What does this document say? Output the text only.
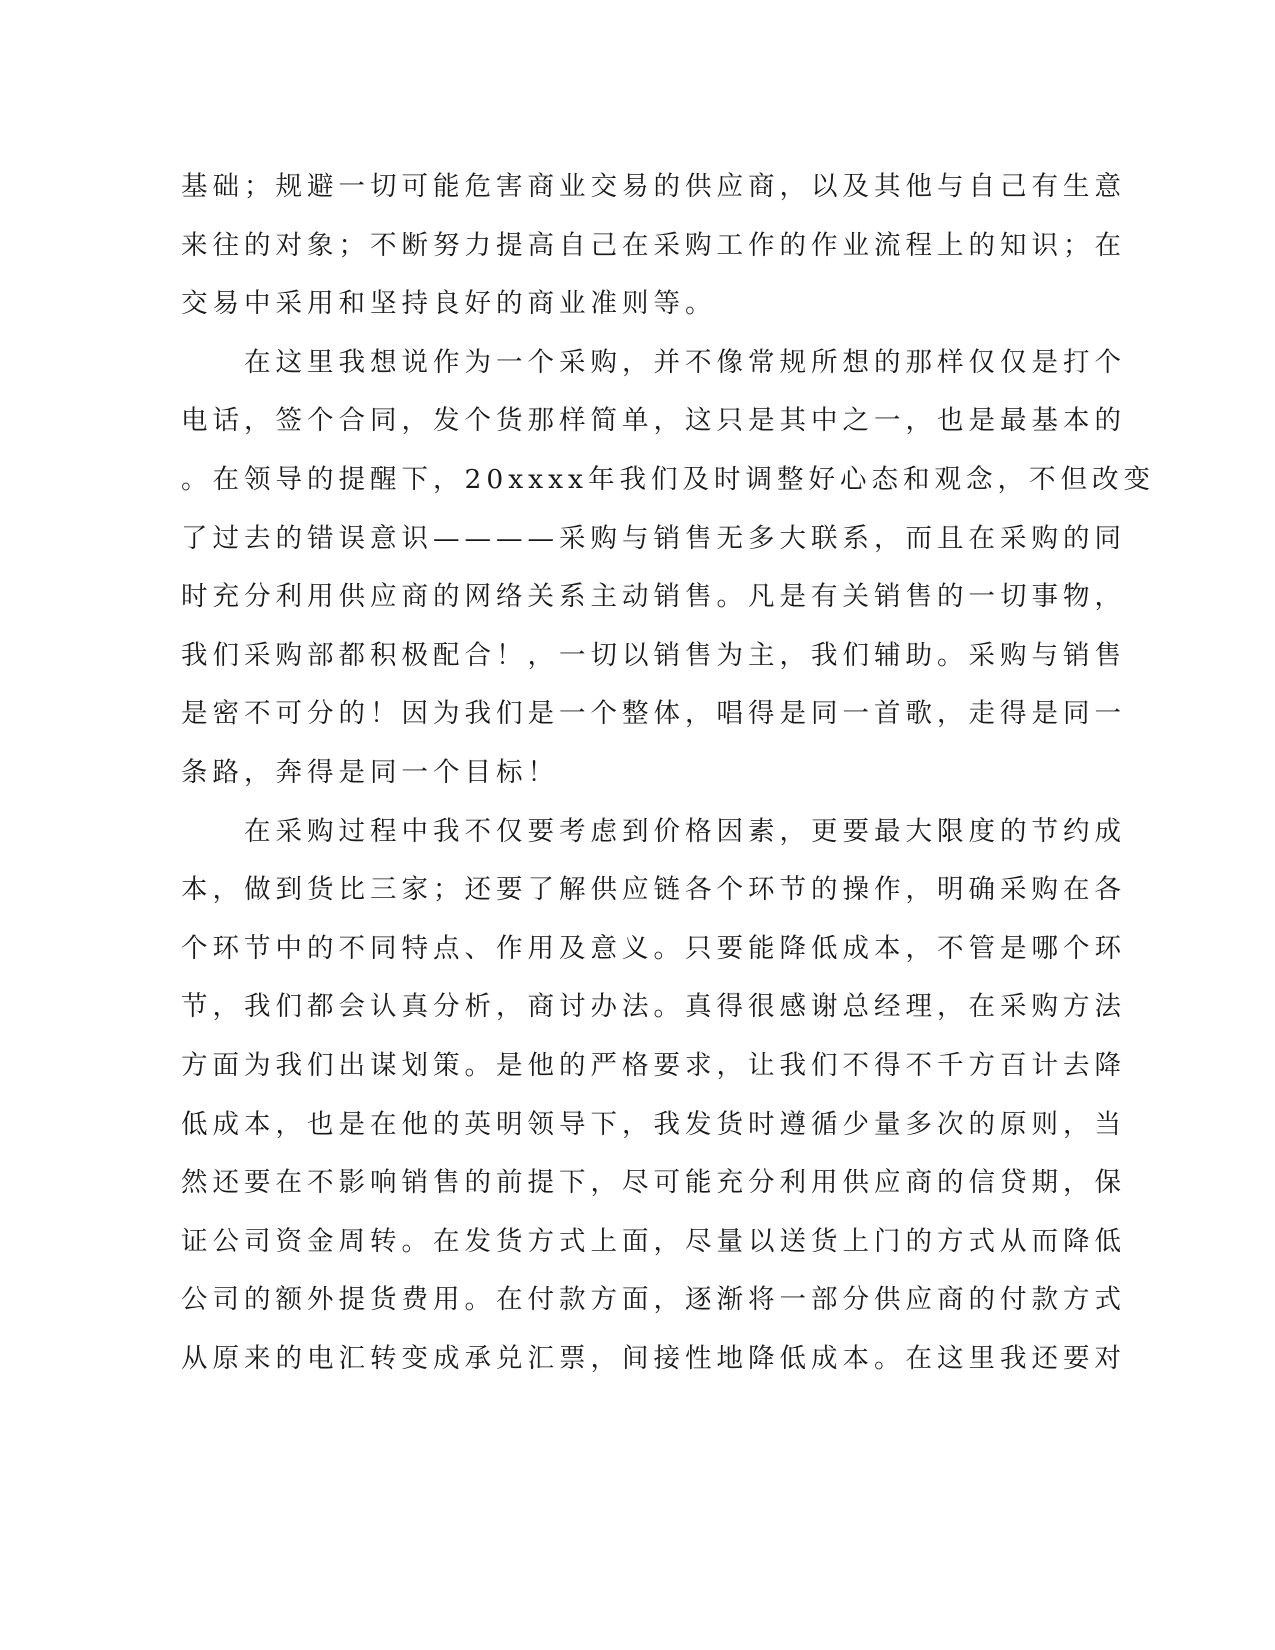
基础；规避一切可能危害商业交易的供应商，以及其他与自己有生意
来往的对象；不断努力提高自己在采购工作的作业流程上的知识；在
交易中采用和坚持良好的商业准则等。
　　在这里我想说作为一个采购，并不像常规所想的那样仅仅是打个
电话，签个合同，发个货那样简单，这只是其中之一，也是最基本的
。在领导的提醒下，20xxxx年我们及时调整好心态和观念，不但改变
了过去的错误意识————采购与销售无多大联系，而且在采购的同
时充分利用供应商的网络关系主动销售。凡是有关销售的一切事物，
我们采购部都积极配合！，一切以销售为主，我们辅助。采购与销售
是密不可分的！因为我们是一个整体，唱得是同一首歌，走得是同一
条路，奔得是同一个目标！
　　在采购过程中我不仅要考虑到价格因素，更要最大限度的节约成
本，做到货比三家；还要了解供应链各个环节的操作，明确采购在各
个环节中的不同特点、作用及意义。只要能降低成本，不管是哪个环
节，我们都会认真分析，商讨办法。真得很感谢总经理，在采购方法
方面为我们出谋划策。是他的严格要求，让我们不得不千方百计去降
低成本，也是在他的英明领导下，我发货时遵循少量多次的原则，当
然还要在不影响销售的前提下，尽可能充分利用供应商的信贷期，保
证公司资金周转。在发货方式上面，尽量以送货上门的方式从而降低
公司的额外提货费用。在付款方面，逐渐将一部分供应商的付款方式
从原来的电汇转变成承兑汇票，间接性地降低成本。在这里我还要对
